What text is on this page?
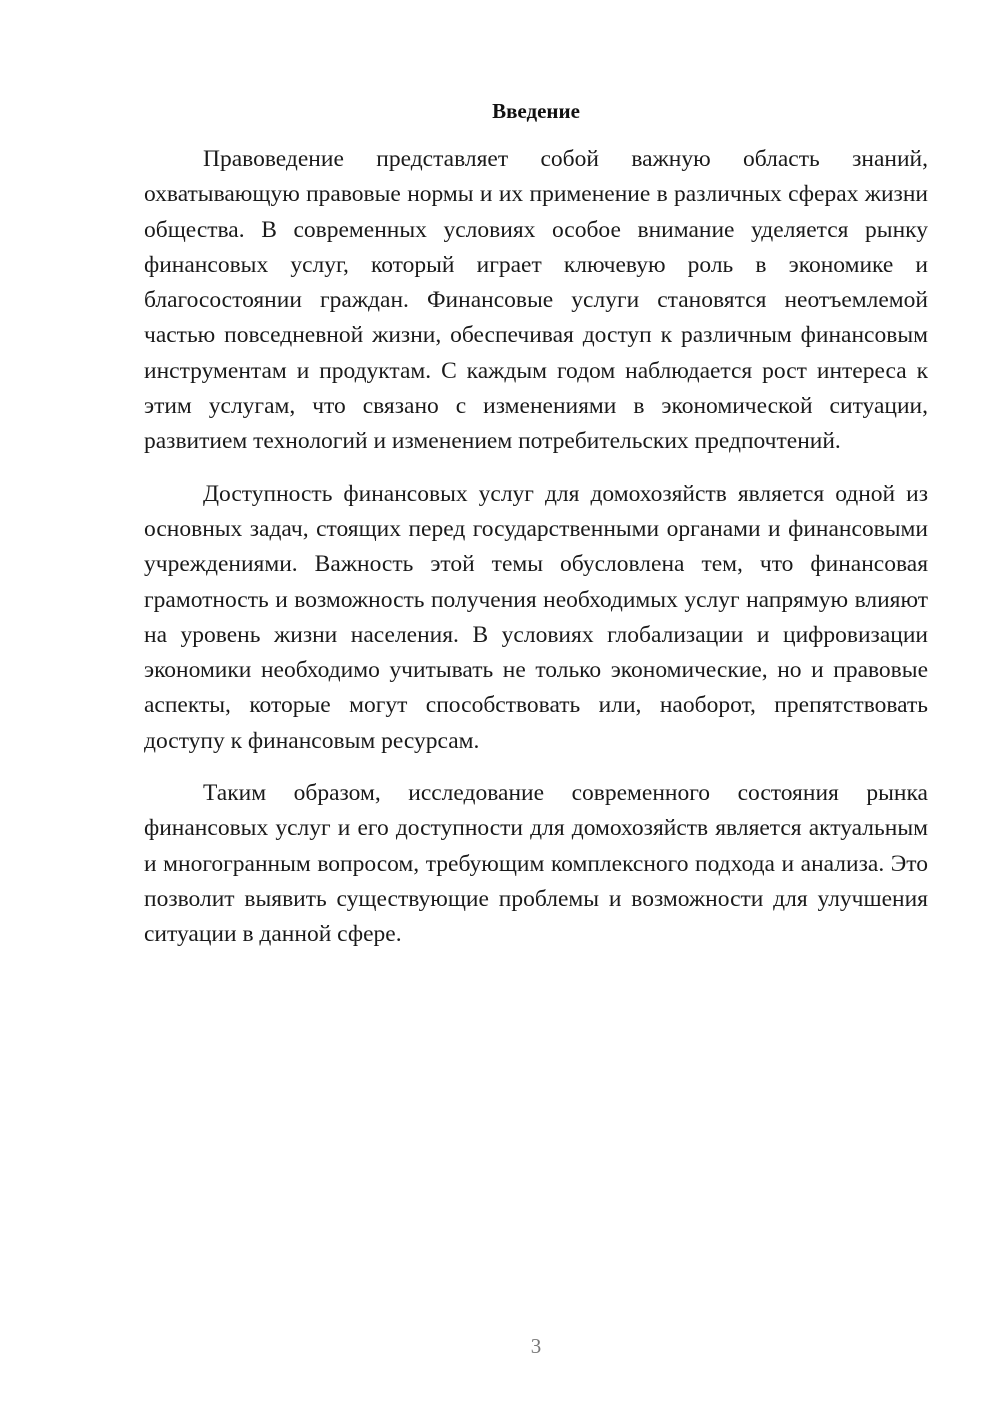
Введение

Правоведение представляет собой важную область знаний, охватывающую правовые нормы и их применение в различных сферах жизни общества. В современных условиях особое внимание уделяется рынку финансовых услуг, который играет ключевую роль в экономике и благосостоянии граждан. Финансовые услуги становятся неотъемлемой частью повседневной жизни, обеспечивая доступ к различным финансовым инструментам и продуктам. С каждым годом наблюдается рост интереса к этим услугам, что связано с изменениями в экономической ситуации, развитием технологий и изменением потребительских предпочтений.

Доступность финансовых услуг для домохозяйств является одной из основных задач, стоящих перед государственными органами и финансовыми учреждениями. Важность этой темы обусловлена тем, что финансовая грамотность и возможность получения необходимых услуг напрямую влияют на уровень жизни населения. В условиях глобализации и цифровизации экономики необходимо учитывать не только экономические, но и правовые аспекты, которые могут способствовать или, наоборот, препятствовать доступу к финансовым ресурсам.

Таким образом, исследование современного состояния рынка финансовых услуг и его доступности для домохозяйств является актуальным и многогранным вопросом, требующим комплексного подхода и анализа. Это позволит выявить существующие проблемы и возможности для улучшения ситуации в данной сфере.

3
